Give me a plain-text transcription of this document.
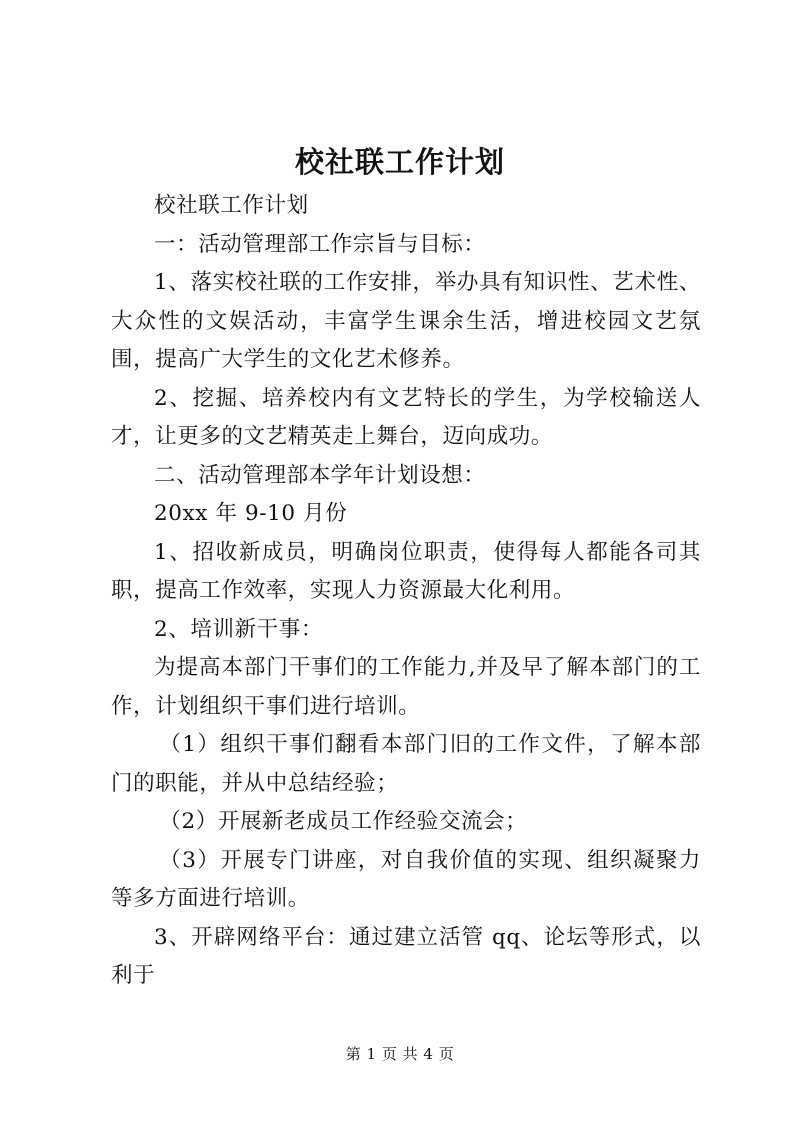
校社联工作计划

校社联工作计划

一：活动管理部工作宗旨与目标：

1、落实校社联的工作安排，举办具有知识性、艺术性、大众性的文娱活动，丰富学生课余生活，增进校园文艺氛围，提高广大学生的文化艺术修养。

2、挖掘、培养校内有文艺特长的学生，为学校输送人才，让更多的文艺精英走上舞台，迈向成功。

二、活动管理部本学年计划设想：

20xx 年 9-10 月份

1、招收新成员，明确岗位职责，使得每人都能各司其职，提高工作效率，实现人力资源最大化利用。

2、培训新干事：

为提高本部门干事们的工作能力,并及早了解本部门的工作，计划组织干事们进行培训。

（1）组织干事们翻看本部门旧的工作文件，了解本部门的职能，并从中总结经验；

（2）开展新老成员工作经验交流会；

（3）开展专门讲座，对自我价值的实现、组织凝聚力等多方面进行培训。

3、开辟网络平台：通过建立活管 qq、论坛等形式，以利于

第 1 页 共 4 页
